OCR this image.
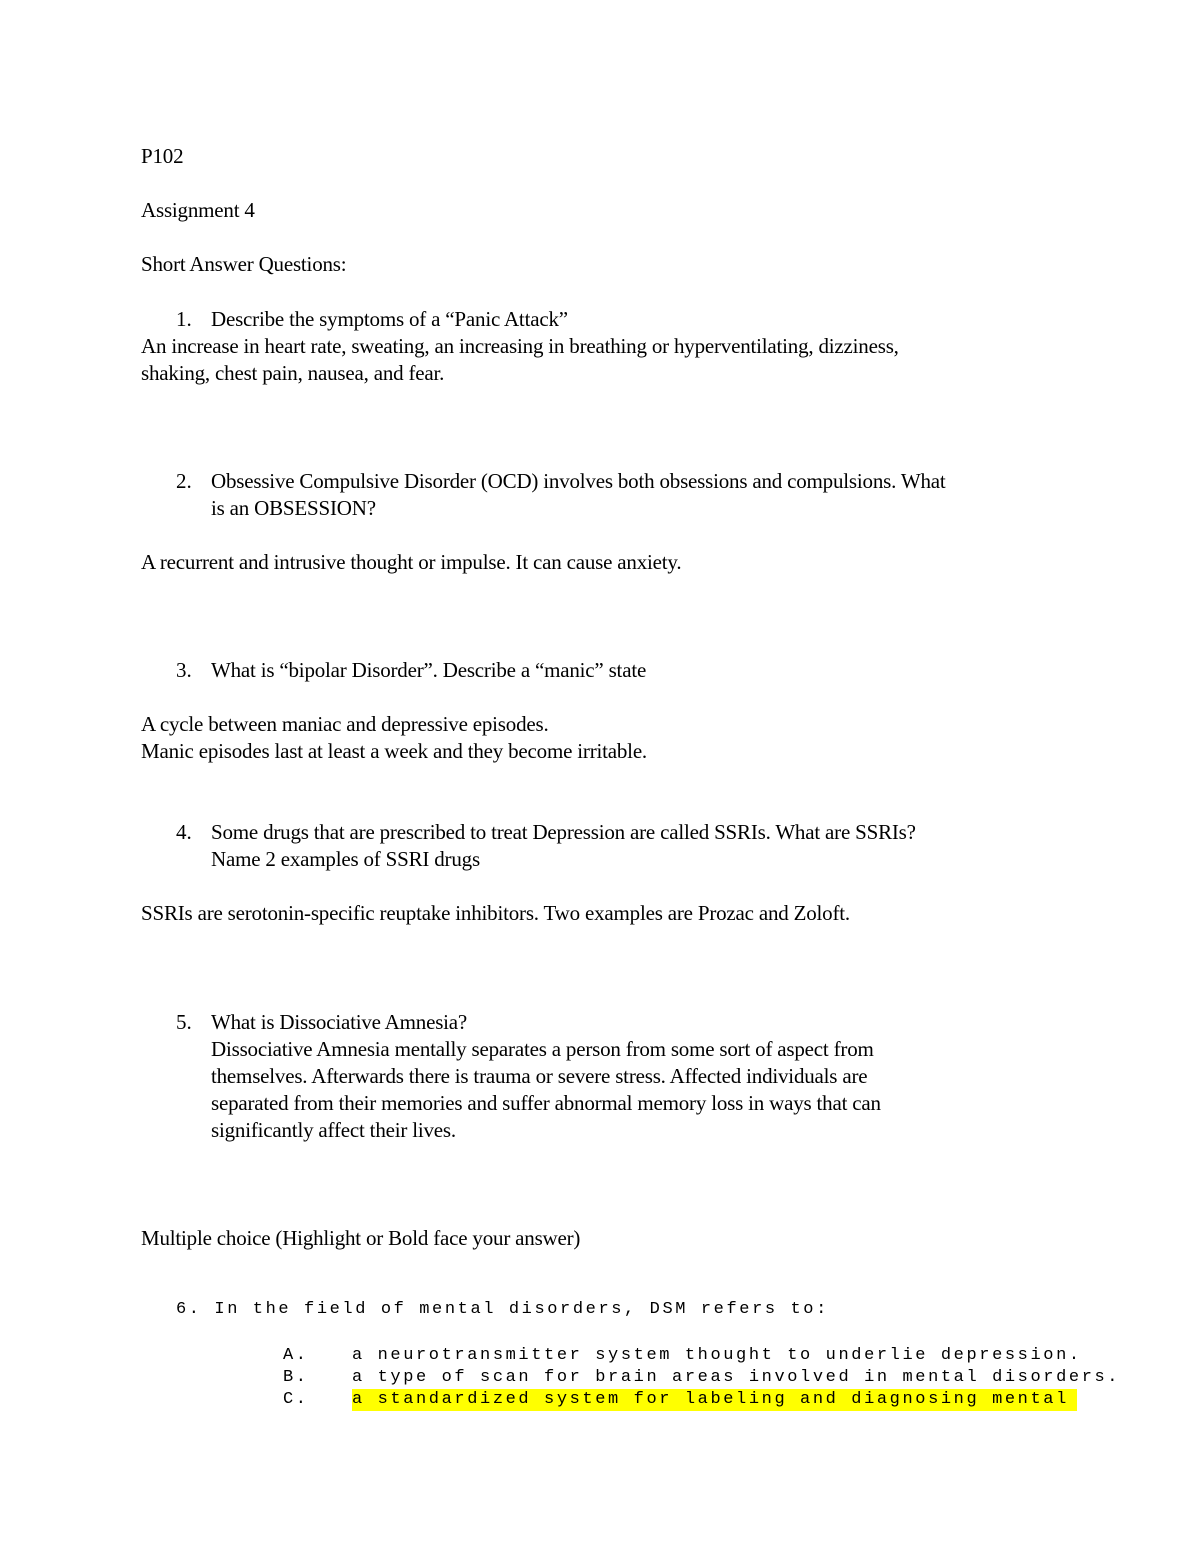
P102
Assignment 4
Short Answer Questions:
1. Describe the symptoms of a “Panic Attack”
An increase in heart rate, sweating, an increasing in breathing or hyperventilating, dizziness,
shaking, chest pain, nausea, and fear.
2. Obsessive Compulsive Disorder (OCD) involves both obsessions and compulsions. What
is an OBSESSION?
A recurrent and intrusive thought or impulse. It can cause anxiety.
3. What is “bipolar Disorder”. Describe a “manic” state
A cycle between maniac and depressive episodes.
Manic episodes last at least a week and they become irritable.
4. Some drugs that are prescribed to treat Depression are called SSRIs. What are SSRIs?
Name 2 examples of SSRI drugs
SSRIs are serotonin-specific reuptake inhibitors. Two examples are Prozac and Zoloft.
5. What is Dissociative Amnesia?
Dissociative Amnesia mentally separates a person from some sort of aspect from
themselves. Afterwards there is trauma or severe stress. Affected individuals are
separated from their memories and suffer abnormal memory loss in ways that can
significantly affect their lives.
Multiple choice (Highlight or Bold face your answer)
6. In the field of mental disorders, DSM refers to:
A.	a neurotransmitter system thought to underlie depression.
B.	a type of scan for brain areas involved in mental disorders.
C.	a standardized system for labeling and diagnosing mental
